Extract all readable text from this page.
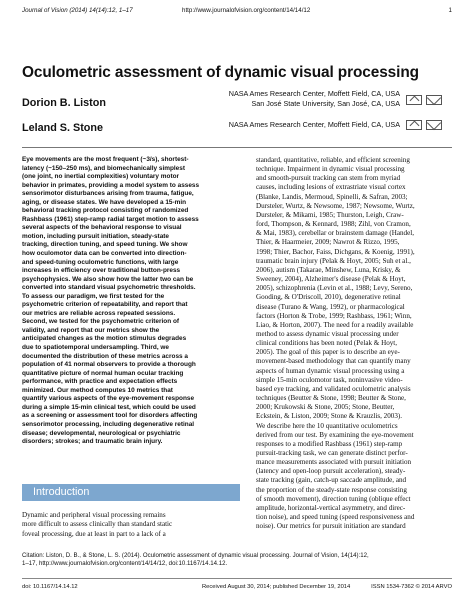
Journal of Vision (2014) 14(14):12, 1–17	http://www.journalofvision.org/content/14/14/12	1
Oculometric assessment of dynamic visual processing
Dorion B. Liston
NASA Ames Research Center, Moffett Field, CA, USA
San José State University, San José, CA, USA
Leland S. Stone	NASA Ames Research Center, Moffett Field, CA, USA
Eye movements are the most frequent (~3/s), shortest-
latency (~150–250 ms), and biomechanically simplest
(one joint, no inertial complexities) voluntary motor
behavior in primates, providing a model system to assess
sensorimotor disturbances arising from trauma, fatigue,
aging, or disease states. We have developed a 15-min
behavioral tracking protocol consisting of randomized
Rashbass (1961) step-ramp radial target motion to assess
several aspects of the behavioral response to visual
motion, including pursuit initiation, steady-state
tracking, direction tuning, and speed tuning. We show
how oculomotor data can be converted into direction-
and speed-tuning oculometric functions, with large
increases in efficiency over traditional button-press
psychophysics. We also show how the latter two can be
converted into standard visual psychometric thresholds.
To assess our paradigm, we first tested for the
psychometric criterion of repeatability, and report that
our metrics are reliable across repeated sessions.
Second, we tested for the psychometric criterion of
validity, and report that our metrics show the
anticipated changes as the motion stimulus degrades
due to spatiotemporal undersampling. Third, we
documented the distribution of these metrics across a
population of 41 normal observers to provide a thorough
quantitative picture of normal human ocular tracking
performance, with practice and expectation effects
minimized. Our method computes 10 metrics that
quantify various aspects of the eye-movement response
during a simple 15-min clinical test, which could be used
as a screening or assessment tool for disorders affecting
sensorimotor processing, including degenerative retinal
disease; developmental, neurological or psychiatric
disorders; strokes; and traumatic brain injury.
Introduction
Dynamic and peripheral visual processing remains
more difficult to assess clinically than standard static
foveal processing, due at least in part to a lack of a
standard, quantitative, reliable, and efficient screening
technique. Impairment in dynamic visual processing
and smooth-pursuit tracking can stem from myriad
causes, including lesions of extrastriate visual cortex
(Blanke, Landis, Mermoud, Spinelli, & Safran, 2003;
Dursteler, Wurtz, & Newsome, 1987; Newsome, Wurtz,
Dursteler, & Mikami, 1985; Thurston, Leigh, Craw-
ford, Thompson, & Kennard, 1988; Zihl, von Cramon,
& Mai, 1983), cerebellar or brainstem damage (Handel,
Thier, & Haarmeier, 2009; Nawrot & Rizzo, 1995,
1998; Thier, Bachor, Faiss, Dichgans, & Koenig, 1991),
traumatic brain injury (Pelak & Hoyt, 2005; Suh et al.,
2006), autism (Takarae, Minshew, Luna, Krisky, &
Sweeney, 2004), Alzheimer's disease (Pelak & Hoyt,
2005), schizophrenia (Levin et al., 1988; Levy, Sereno,
Gooding, & O'Driscoll, 2010), degenerative retinal
disease (Turano & Wang, 1992), or pharmacological
factors (Horton & Trobe, 1999; Rashbass, 1961; Winn,
Liao, & Horton, 2007). The need for a readily available
method to assess dynamic visual processing under
clinical conditions has been noted (Pelak & Hoyt,
2005). The goal of this paper is to describe an eye-
movement-based methodology that can quantify many
aspects of human dynamic visual processing using a
simple 15-min oculomotor task, noninvasive video-
based eye tracking, and validated oculometric analysis
techniques (Beutter & Stone, 1998; Beutter & Stone,
2000; Krukowski & Stone, 2005; Stone, Beutter,
Eckstein, & Liston, 2009; Stone & Krauzlis, 2003).
We describe here the 10 quantitative oculometrics
derived from our test. By examining the eye-movement
responses to a modified Rashbass (1961) step-ramp
pursuit-tracking task, we can generate distinct perfor-
mance measurements associated with pursuit initiation
(latency and open-loop pursuit acceleration), steady-
state tracking (gain, catch-up saccade amplitude, and
the proportion of the steady-state response consisting
of smooth movement), direction tuning (oblique effect
amplitude, horizontal-vertical asymmetry, and direc-
tion noise), and speed tuning (speed responsiveness and
noise). Our metrics for pursuit initiation are standard
Citation: Liston, D. B., & Stone, L. S. (2014). Oculometric assessment of dynamic visual processing. Journal of Vision, 14(14):12,
1–17, http://www.journalofvision.org/content/14/14/12, doi:10.1167/14.14.12.
doi: 10.1167/14.14.12	Received August 30, 2014; published December 19, 2014	ISSN 1534-7362 © 2014 ARVO
